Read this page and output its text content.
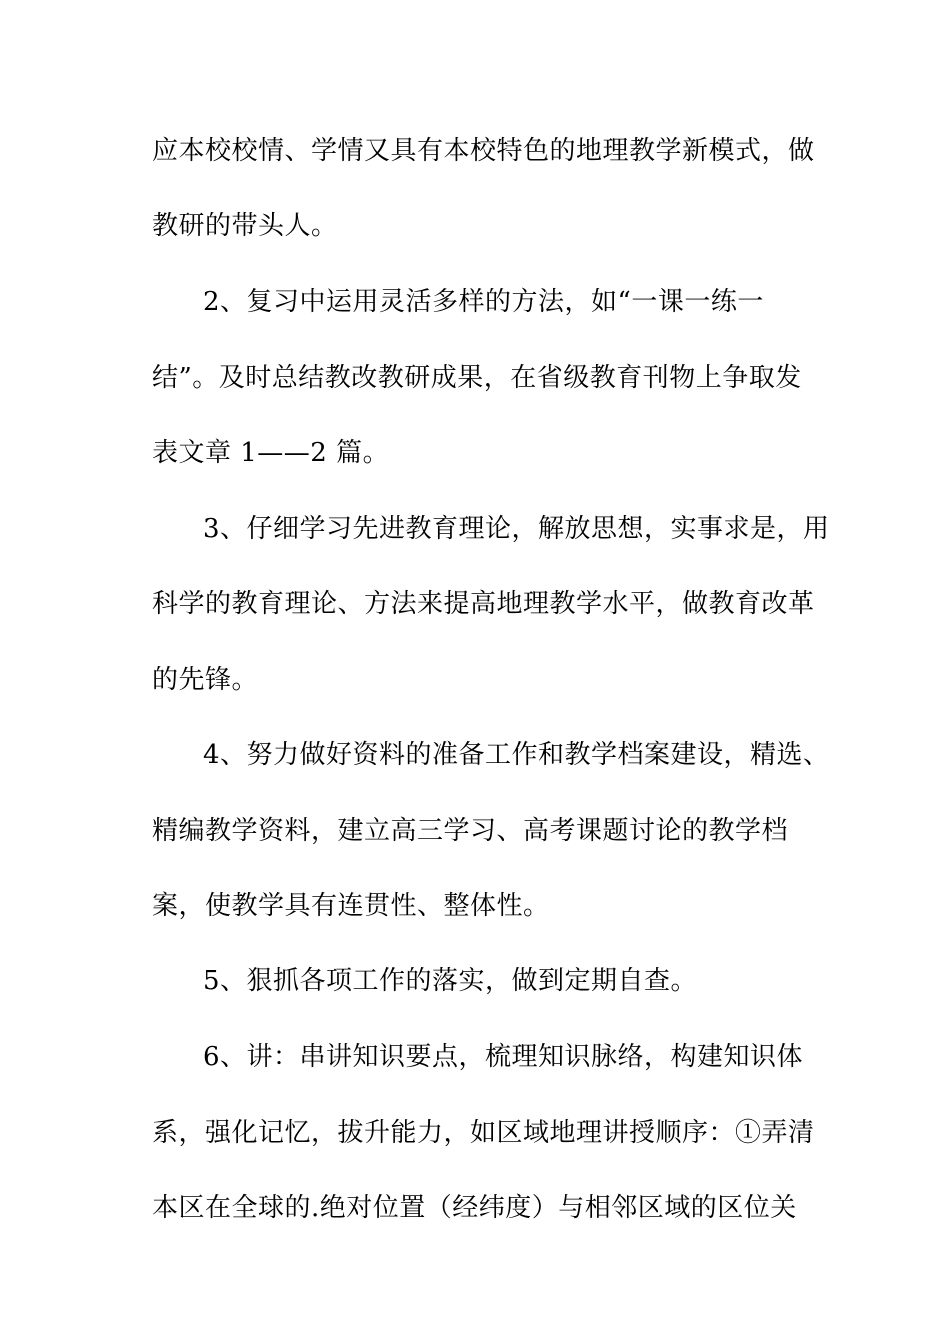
应本校校情、学情又具有本校特色的地理教学新模式，做
教研的带头人。
2、复习中运用灵活多样的方法，如“一课一练一
结”。及时总结教改教研成果，在省级教育刊物上争取发
表文章 1——2 篇。
3、仔细学习先进教育理论，解放思想，实事求是，用
科学的教育理论、方法来提高地理教学水平，做教育改革
的先锋。
4、努力做好资料的准备工作和教学档案建设，精选、
精编教学资料，建立高三学习、高考课题讨论的教学档
案，使教学具有连贯性、整体性。
5、狠抓各项工作的落实，做到定期自查。
6、讲：串讲知识要点，梳理知识脉络，构建知识体
系，强化记忆，拔升能力，如区域地理讲授顺序：①弄清
本区在全球的.绝对位置（经纬度）与相邻区域的区位关
